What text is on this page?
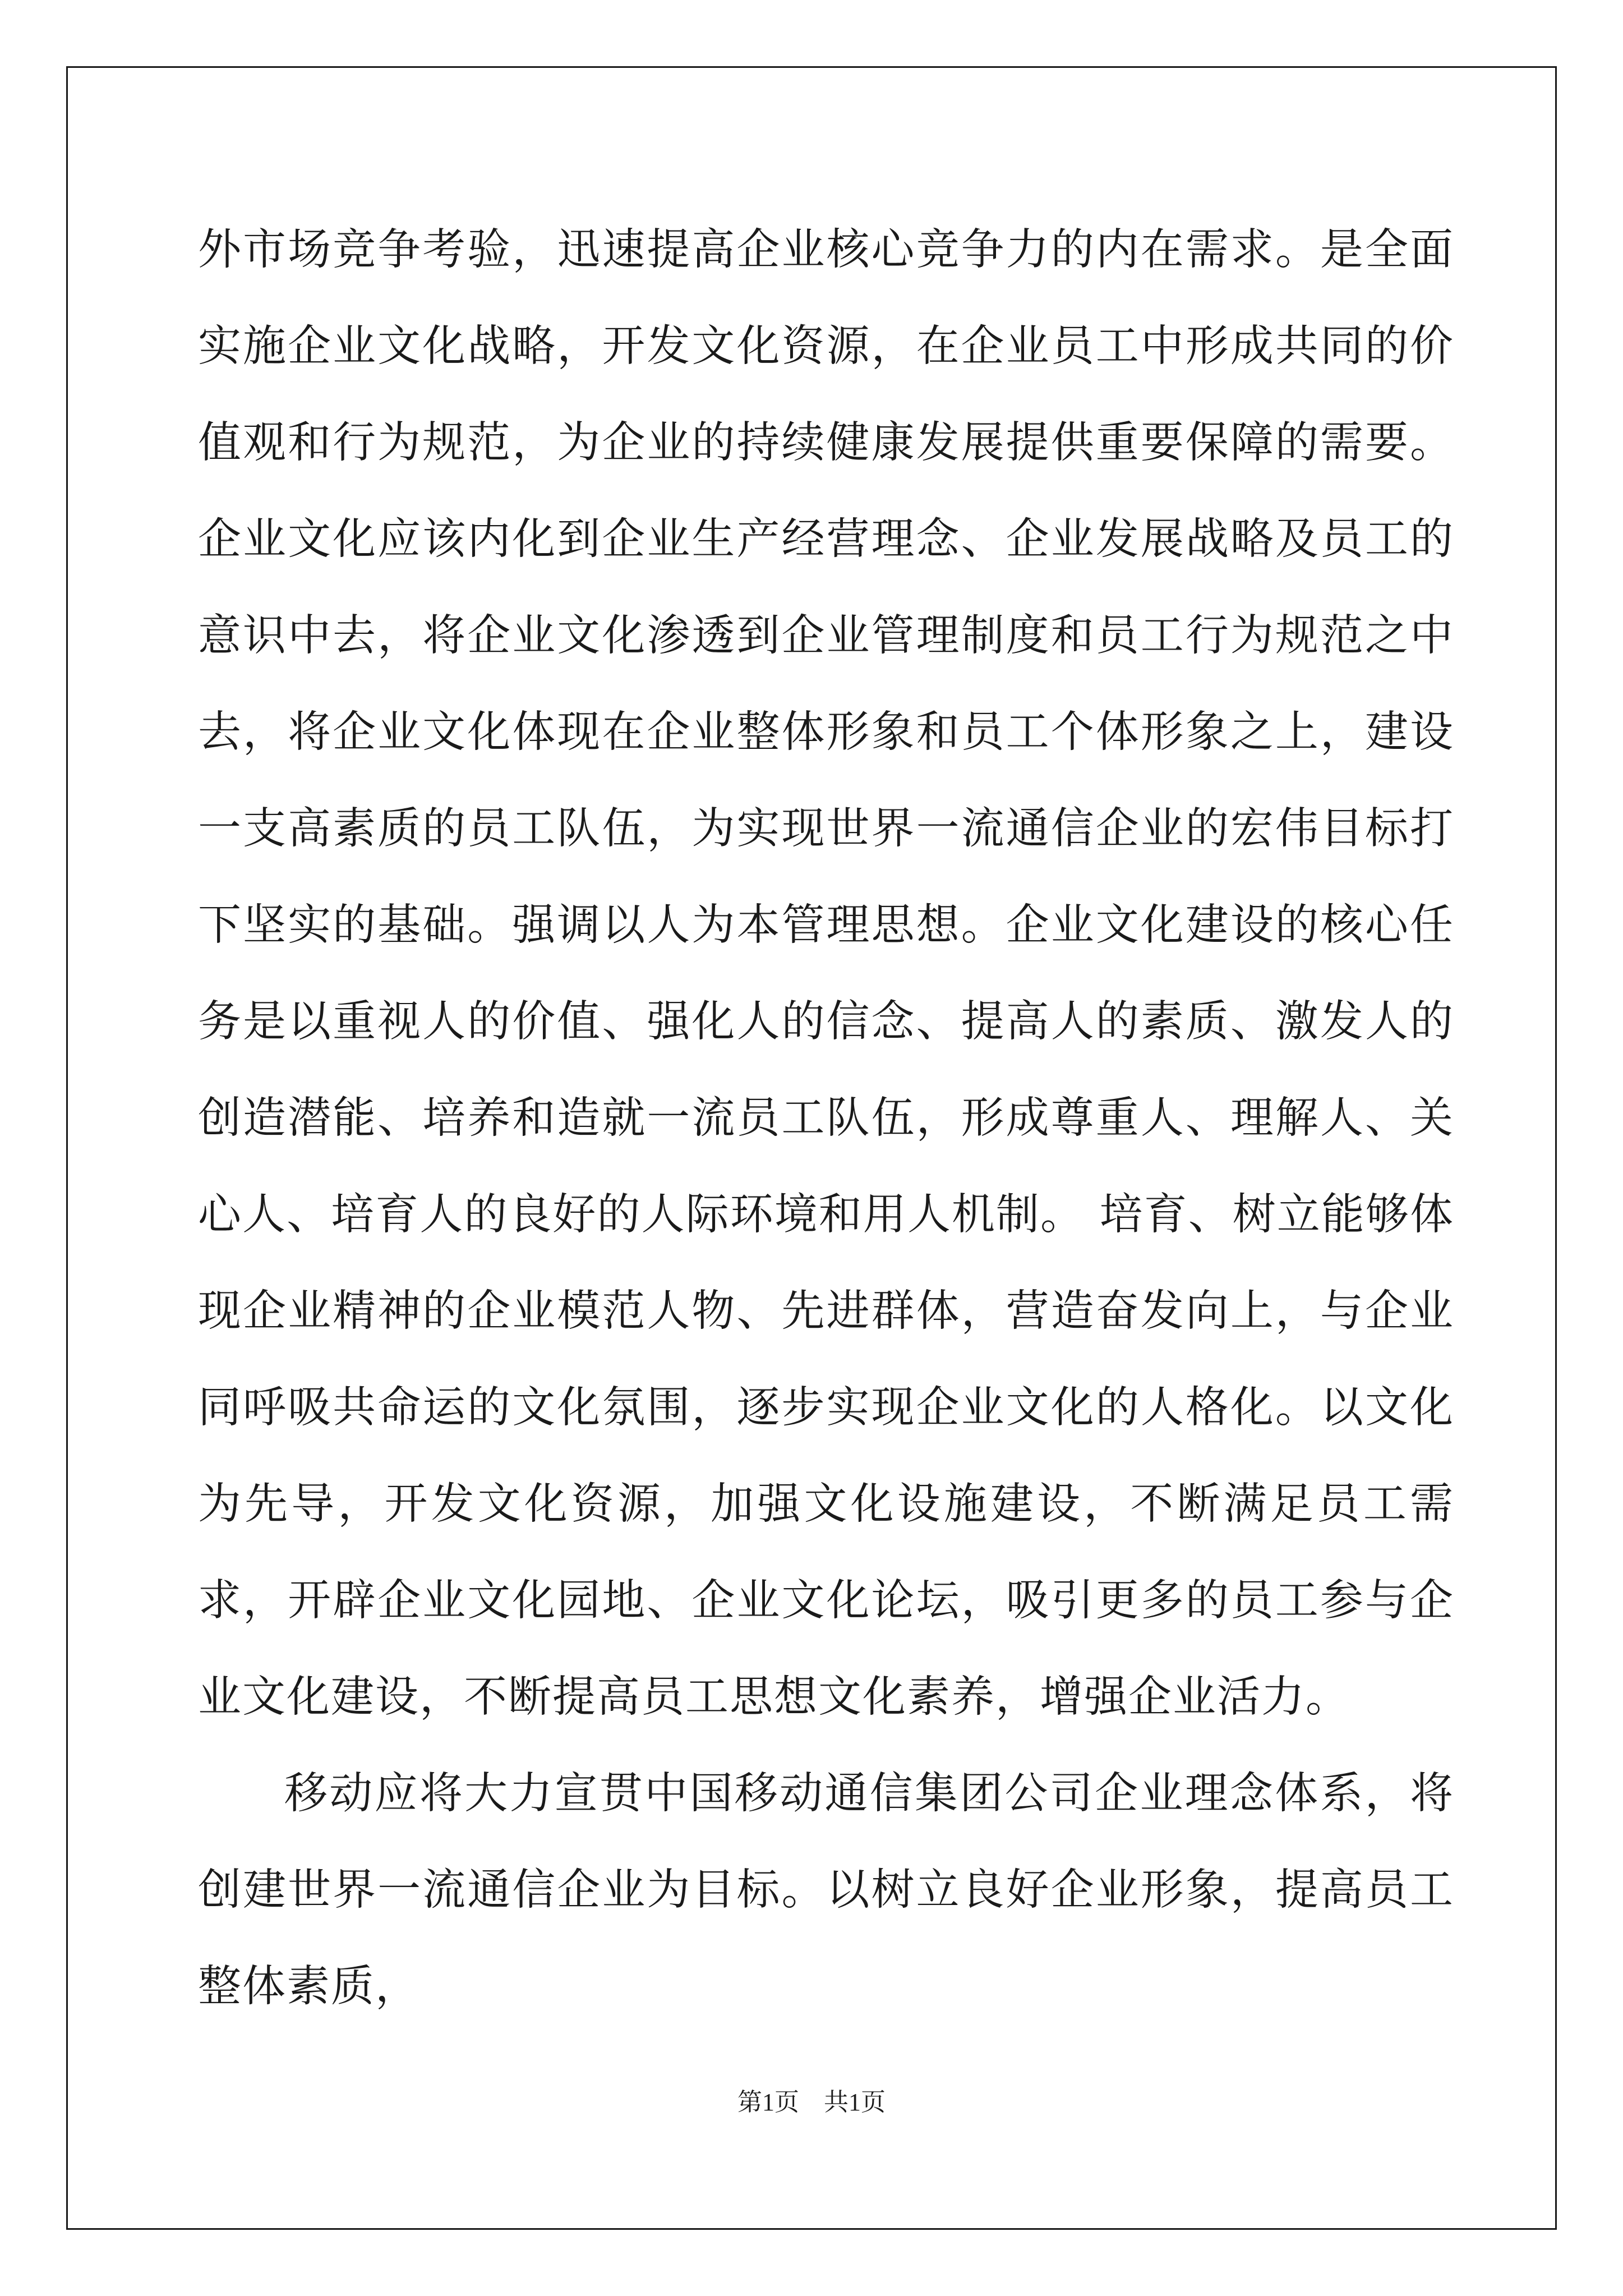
外市场竞争考验，迅速提高企业核心竞争力的内在需求。是全面实施企业文化战略，开发文化资源，在企业员工中形成共同的价值观和行为规范，为企业的持续健康发展提供重要保障的需要。企业文化应该内化到企业生产经营理念、企业发展战略及员工的意识中去，将企业文化渗透到企业管理制度和员工行为规范之中去，将企业文化体现在企业整体形象和员工个体形象之上，建设一支高素质的员工队伍，为实现世界一流通信企业的宏伟目标打下坚实的基础。强调以人为本管理思想。企业文化建设的核心任务是以重视人的价值、强化人的信念、提高人的素质、激发人的创造潜能、培养和造就一流员工队伍，形成尊重人、理解人、关心人、培育人的良好的人际环境和用人机制。 培育、树立能够体现企业精神的企业模范人物、先进群体，营造奋发向上，与企业同呼吸共命运的文化氛围，逐步实现企业文化的人格化。以文化为先导，开发文化资源，加强文化设施建设，不断满足员工需求，开辟企业文化园地、企业文化论坛，吸引更多的员工参与企业文化建设，不断提高员工思想文化素养，增强企业活力。

移动应将大力宣贯中国移动通信集团公司企业理念体系，将创建世界一流通信企业为目标。以树立良好企业形象，提高员工整体素质，

第1页　共1页
